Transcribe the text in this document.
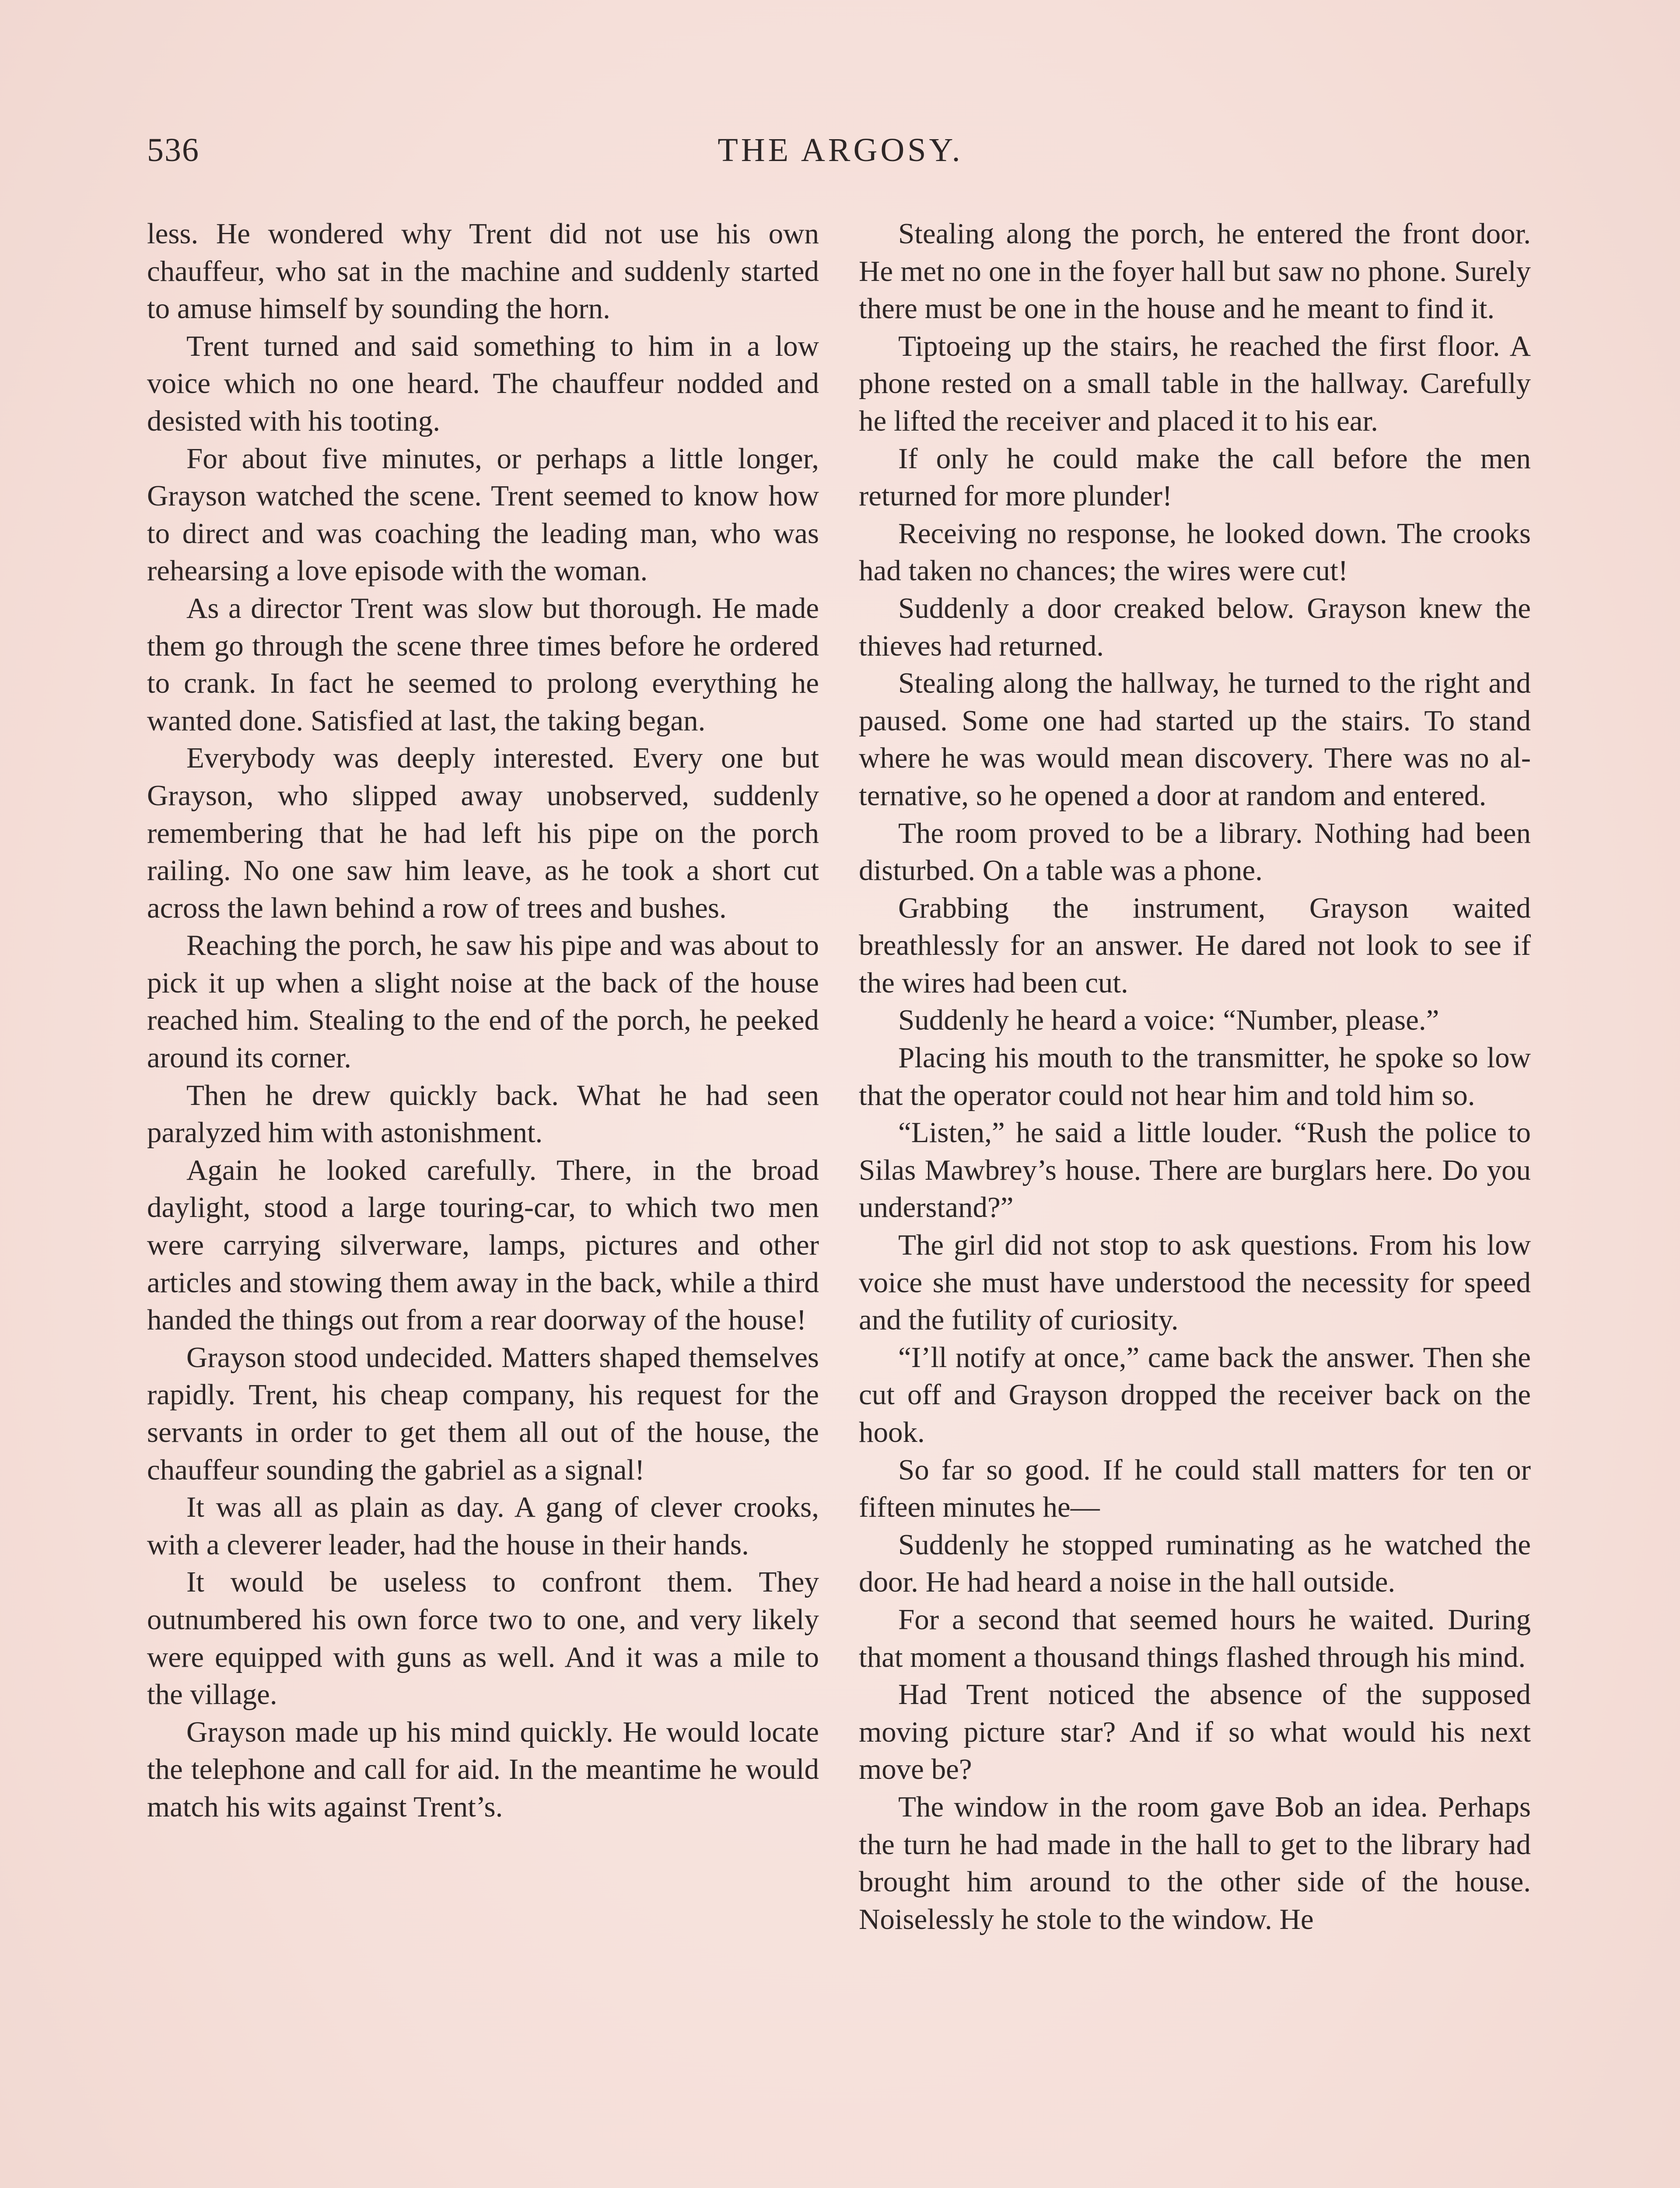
536	THE ARGOSY.

less. He wondered why Trent did not use his own chauffeur, who sat in the machine and suddenly started to amuse himself by sounding the horn.

Trent turned and said something to him in a low voice which no one heard. The chauffeur nodded and desisted with his tooting.

For about five minutes, or perhaps a little longer, Grayson watched the scene. Trent seemed to know how to direct and was coaching the leading man, who was rehearsing a love episode with the woman.

As a director Trent was slow but thorough. He made them go through the scene three times before he ordered to crank. In fact he seemed to prolong everything he wanted done. Satisfied at last, the taking began.

Everybody was deeply interested. Every one but Grayson, who slipped away unobserved, suddenly remembering that he had left his pipe on the porch railing. No one saw him leave, as he took a short cut across the lawn behind a row of trees and bushes.

Reaching the porch, he saw his pipe and was about to pick it up when a slight noise at the back of the house reached him. Stealing to the end of the porch, he peeked around its corner.

Then he drew quickly back. What he had seen paralyzed him with astonishment.

Again he looked carefully. There, in the broad daylight, stood a large touring-car, to which two men were carrying silverware, lamps, pictures and other articles and stowing them away in the back, while a third handed the things out from a rear doorway of the house!

Grayson stood undecided. Matters shaped themselves rapidly. Trent, his cheap company, his request for the servants in order to get them all out of the house, the chauffeur sounding the gabriel as a signal!

It was all as plain as day. A gang of clever crooks, with a cleverer leader, had the house in their hands.

It would be useless to confront them. They outnumbered his own force two to one, and very likely were equipped with guns as well. And it was a mile to the village.

Grayson made up his mind quickly. He would locate the telephone and call for aid. In the meantime he would match his wits against Trent’s.

Stealing along the porch, he entered the front door. He met no one in the foyer hall but saw no phone. Surely there must be one in the house and he meant to find it.

Tiptoeing up the stairs, he reached the first floor. A phone rested on a small table in the hallway. Carefully he lifted the receiver and placed it to his ear.

If only he could make the call before the men returned for more plunder!

Receiving no response, he looked down. The crooks had taken no chances; the wires were cut!

Suddenly a door creaked below. Grayson knew the thieves had returned.

Stealing along the hallway, he turned to the right and paused. Some one had started up the stairs. To stand where he was would mean discovery. There was no alternative, so he opened a door at random and entered.

The room proved to be a library. Nothing had been disturbed. On a table was a phone.

Grabbing the instrument, Grayson waited breathlessly for an answer. He dared not look to see if the wires had been cut.

Suddenly he heard a voice: “Number, please.”

Placing his mouth to the transmitter, he spoke so low that the operator could not hear him and told him so.

“Listen,” he said a little louder. “Rush the police to Silas Mawbrey’s house. There are burglars here. Do you understand?”

The girl did not stop to ask questions. From his low voice she must have understood the necessity for speed and the futility of curiosity.

“I’ll notify at once,” came back the answer. Then she cut off and Grayson dropped the receiver back on the hook.

So far so good. If he could stall matters for ten or fifteen minutes he—

Suddenly he stopped ruminating as he watched the door. He had heard a noise in the hall outside.

For a second that seemed hours he waited. During that moment a thousand things flashed through his mind.

Had Trent noticed the absence of the supposed moving picture star? And if so what would his next move be?

The window in the room gave Bob an idea. Perhaps the turn he had made in the hall to get to the library had brought him around to the other side of the house. Noiselessly he stole to the window. He
